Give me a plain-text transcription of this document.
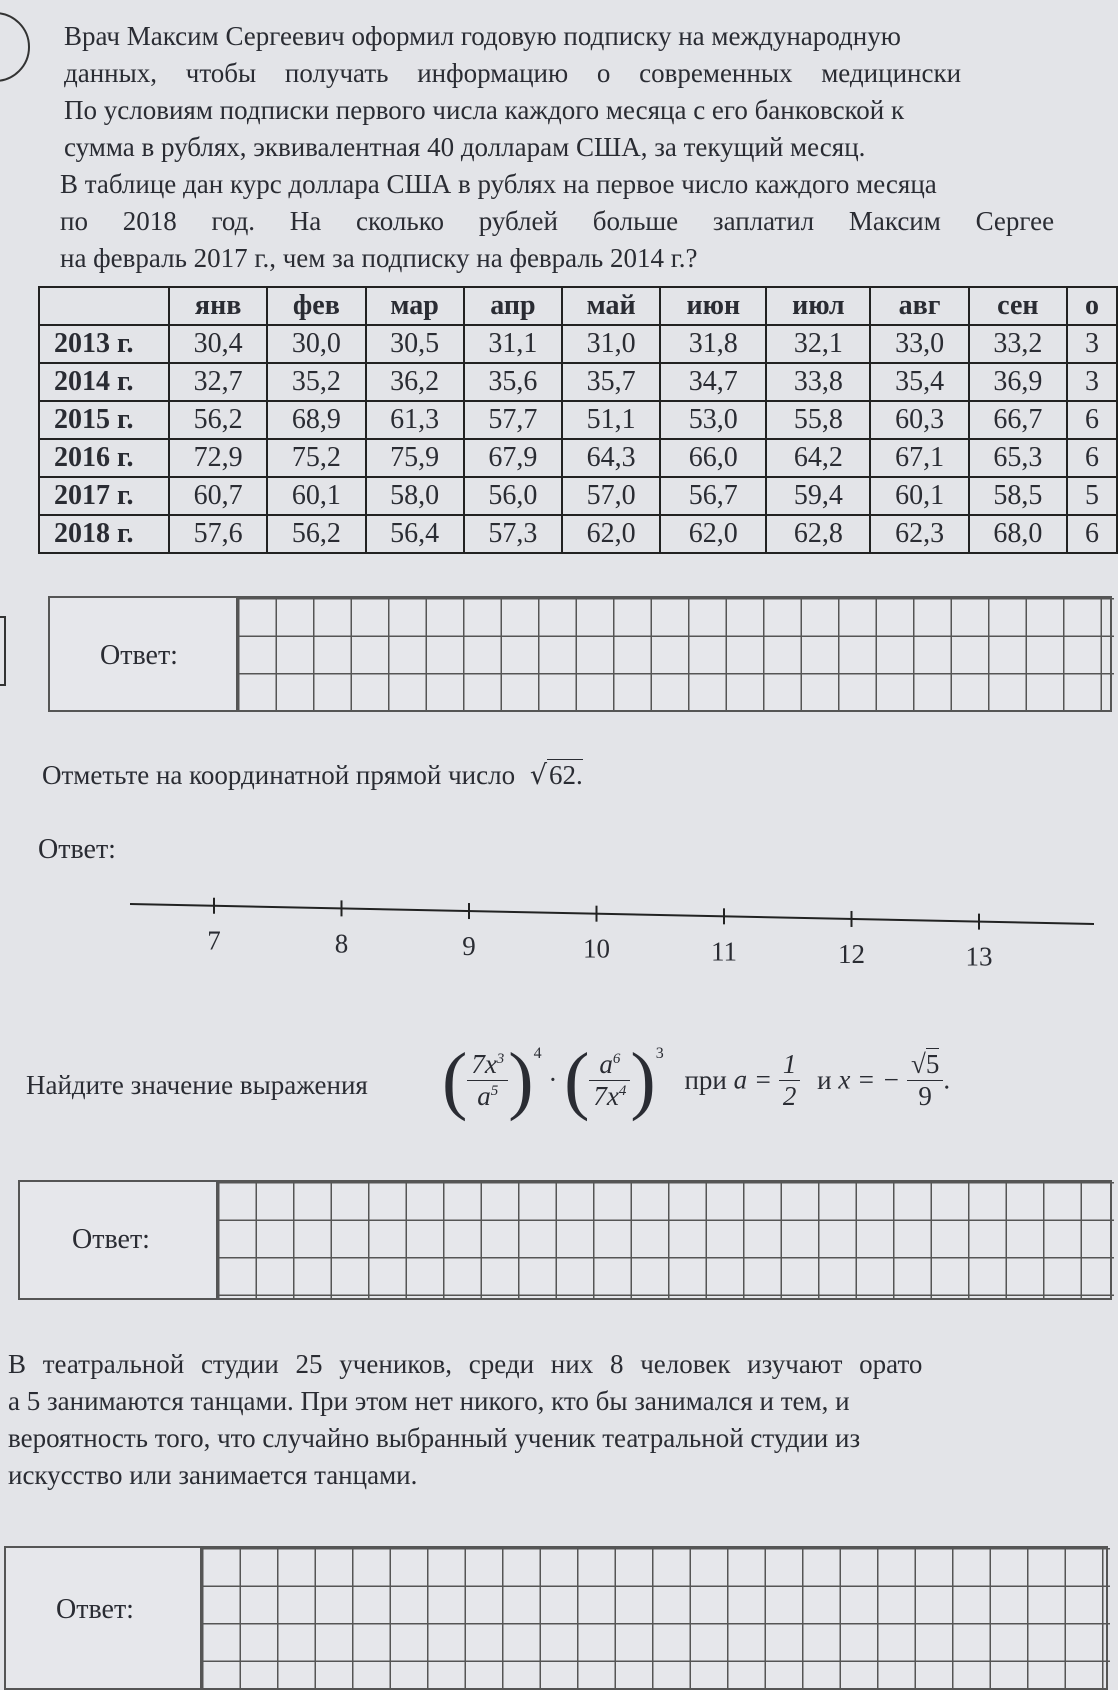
Врач Максим Сергеевич оформил годовую подписку на международную
данных, чтобы получать информацию о современных медицински
По условиям подписки первого числа каждого месяца с его банковской к
сумма в рублях, эквивалентная 40 долларам США, за текущий месяц.
В таблице дан курс доллара США в рублях на первое число каждого месяца
по 2018 год. На сколько рублей больше заплатил Максим Сергее
на февраль 2017 г., чем за подписку на февраль 2014 г.?
	янв	фев	мар	апр	май	июн	июл	авг	сен	о
2013 г.	30,4	30,0	30,5	31,1	31,0	31,8	32,1	33,0	33,2	3
2014 г.	32,7	35,2	36,2	35,6	35,7	34,7	33,8	35,4	36,9	3
2015 г.	56,2	68,9	61,3	57,7	51,1	53,0	55,8	60,3	66,7	6
2016 г.	72,9	75,2	75,9	67,9	64,3	66,0	64,2	67,1	65,3	6
2017 г.	60,7	60,1	58,0	56,0	57,0	56,7	59,4	60,1	58,5	5
2018 г.	57,6	56,2	56,4	57,3	62,0	62,0	62,8	62,3	68,0	6
Ответ:
Отметьте на координатной прямой число √62.
Ответ:
7	8	9	10	11	12	13
Найдите значение выражения ( $\frac{7x^3}{a^5} )^4$ · ( $\frac{a^6}{7x^4} )^3$ при $a = \frac{1}{2}$ и x = − $\frac{√5}{9}$ .
Ответ:
В театральной студии 25 учеников, среди них 8 человек изучают орато
а 5 занимаются танцами. При этом нет никого, кто бы занимался и тем, и
вероятность того, что случайно выбранный ученик театральной студии из
искусство или занимается танцами.
Ответ:
